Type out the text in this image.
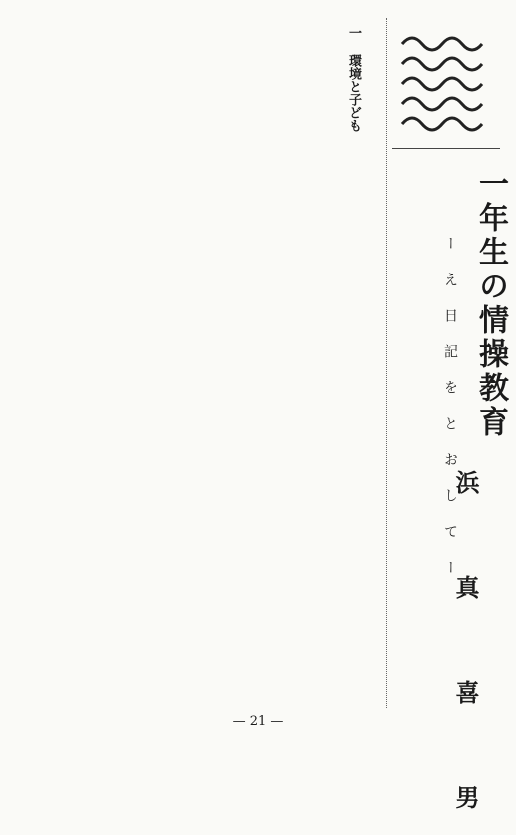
一年生の情操教育
ー え 日 記 を と お し て ー
浜 真 喜 男
一 環境と子ども
— 21 —
